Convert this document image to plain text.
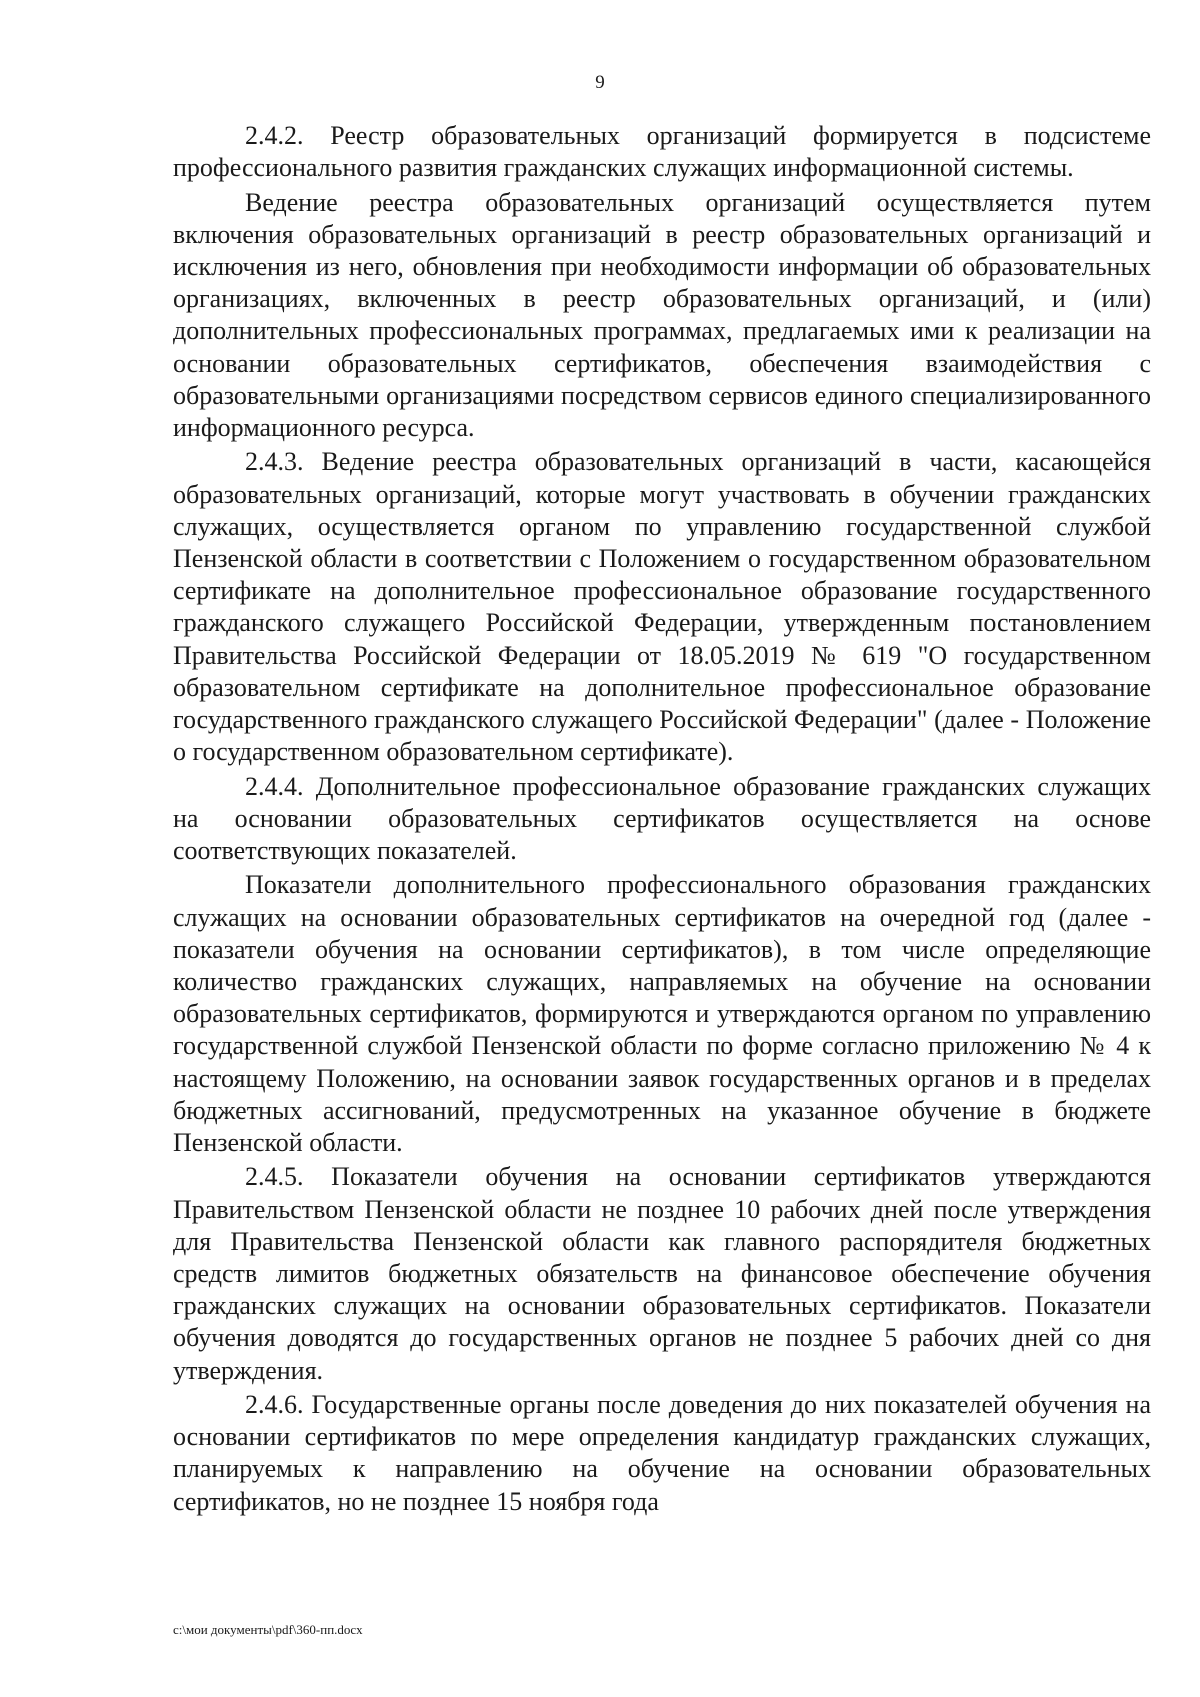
9

2.4.2. Реестр образовательных организаций формируется в подсистеме профессионального развития гражданских служащих информационной системы.

Ведение реестра образовательных организаций осуществляется путем включения образовательных организаций в реестр образовательных организаций и исключения из него, обновления при необходимости информации об образовательных организациях, включенных в реестр образовательных организаций, и (или) дополнительных профессиональных программах, предлагаемых ими к реализации на основании образовательных сертификатов, обеспечения взаимодействия с образовательными организациями посредством сервисов единого специализированного информационного ресурса.

2.4.3. Ведение реестра образовательных организаций в части, касающейся образовательных организаций, которые могут участвовать в обучении гражданских служащих, осуществляется органом по управлению государственной службой Пензенской области в соответствии с Положением о государственном образовательном сертификате на дополнительное профессиональное образование государственного гражданского служащего Российской Федерации, утвержденным постановлением Правительства Российской Федерации от 18.05.2019 № 619 "О государственном образовательном сертификате на дополнительное профессиональное образование государственного гражданского служащего Российской Федерации" (далее - Положение о государственном образовательном сертификате).

2.4.4. Дополнительное профессиональное образование гражданских служащих на основании образовательных сертификатов осуществляется на основе соответствующих показателей.

Показатели дополнительного профессионального образования гражданских служащих на основании образовательных сертификатов на очередной год (далее - показатели обучения на основании сертификатов), в том числе определяющие количество гражданских служащих, направляемых на обучение на основании образовательных сертификатов, формируются и утверждаются органом по управлению государственной службой Пензенской области по форме согласно приложению № 4 к настоящему Положению, на основании заявок государственных органов и в пределах бюджетных ассигнований, предусмотренных на указанное обучение в бюджете Пензенской области.

2.4.5. Показатели обучения на основании сертификатов утверждаются Правительством Пензенской области не позднее 10 рабочих дней после утверждения для Правительства Пензенской области как главного распорядителя бюджетных средств лимитов бюджетных обязательств на финансовое обеспечение обучения гражданских служащих на основании образовательных сертификатов. Показатели обучения доводятся до государственных органов не позднее 5 рабочих дней со дня утверждения.

2.4.6. Государственные органы после доведения до них показателей обучения на основании сертификатов по мере определения кандидатур гражданских служащих, планируемых к направлению на обучение на основании образовательных сертификатов, но не позднее 15 ноября года

c:\мои документы\pdf\360-пп.docx
